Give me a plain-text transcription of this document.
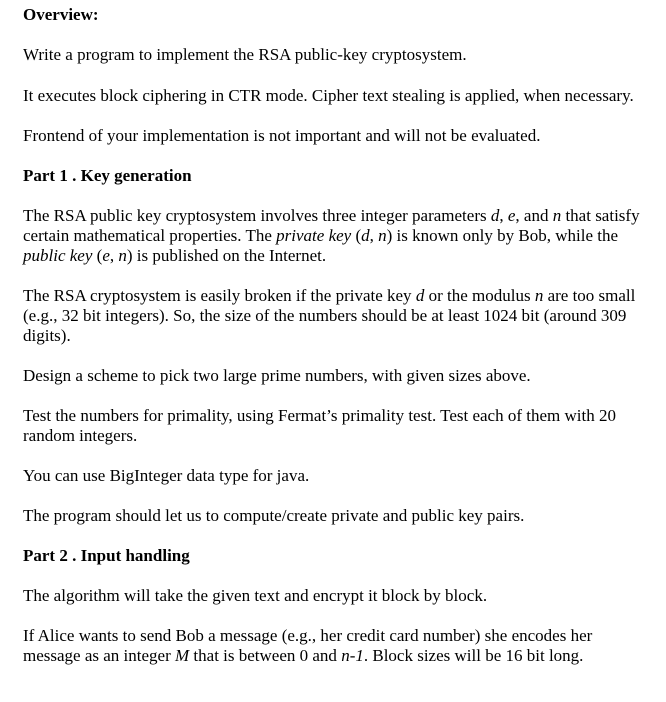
Overview:

Write a program to implement the RSA public-key cryptosystem.

It executes block ciphering in CTR mode. Cipher text stealing is applied, when necessary.

Frontend of your implementation is not important and will not be evaluated.

Part 1 . Key generation

The RSA public key cryptosystem involves three integer parameters d, e, and n that satisfy certain mathematical properties. The private key (d, n) is known only by Bob, while the public key (e, n) is published on the Internet.

The RSA cryptosystem is easily broken if the private key d or the modulus n are too small (e.g., 32 bit integers). So, the size of the numbers should be at least 1024 bit (around 309 digits).

Design a scheme to pick two large prime numbers, with given sizes above.

Test the numbers for primality, using Fermat’s primality test. Test each of them with 20 random integers.

You can use BigInteger data type for java.

The program should let us to compute/create private and public key pairs.

Part 2 . Input handling

The algorithm will take the given text and encrypt it block by block.

If Alice wants to send Bob a message (e.g., her credit card number) she encodes her message as an integer M that is between 0 and n-1. Block sizes will be 16 bit long.
